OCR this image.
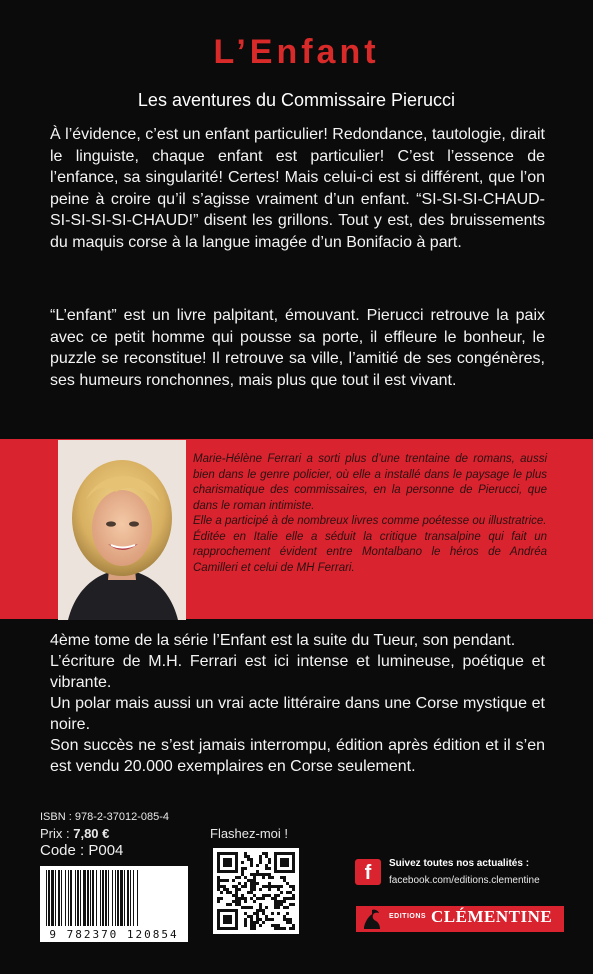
L’Enfant
Les aventures du Commissaire Pierucci
À l’évidence, c’est un enfant particulier! Redondance, tautologie, dirait le linguiste, chaque enfant est particulier! C’est l’essence de l’enfance, sa singularité! Certes! Mais celui-ci est si différent, que l’on peine à croire qu’il s’agisse vraiment d’un enfant. “SI-SI-SI-CHAUD-SI-SI-SI-SI-CHAUD!” disent les grillons. Tout y est, des bruissements du maquis corse à la langue imagée d’un Bonifacio à part.
“L’enfant” est un livre palpitant, émouvant. Pierucci retrouve la paix avec ce petit homme qui pousse sa porte, il effleure le bonheur, le puzzle se reconstitue! Il retrouve sa ville, l’amitié de ses congénères, ses humeurs ronchonnes, mais plus que tout il est vivant.

Marie-Hélène Ferrari a sorti plus d’une trentaine de romans, aussi bien dans le genre policier, où elle a installé dans le paysage le plus charismatique des commissaires, en la personne de Pierucci, que dans le roman intimiste.

Elle a participé à de nombreux livres comme poétesse ou illustratrice.

Éditée en Italie elle a séduit la critique transalpine qui fait un rapprochement évident entre Montalbano le héros de Andréa Camilleri et celui de MH Ferrari.

4ème tome de la série l’Enfant est la suite du Tueur, son pendant.

L’écriture de M.H. Ferrari est ici intense et lumineuse, poétique et vibrante.

Un polar mais aussi un vrai acte littéraire dans une Corse mystique et noire.

Son succès ne s’est jamais interrompu, édition après édition et il s’en est vendu 20.000 exemplaires en Corse seulement.

ISBN : 978-2-37012-085-4
Prix : 7,80 €
Code : P004
9 782370 120854
Flashez-moi !
f	Suivez toutes nos actualités :
facebook.com/editions.clementine
EDITIONS CLÉMENTINE
